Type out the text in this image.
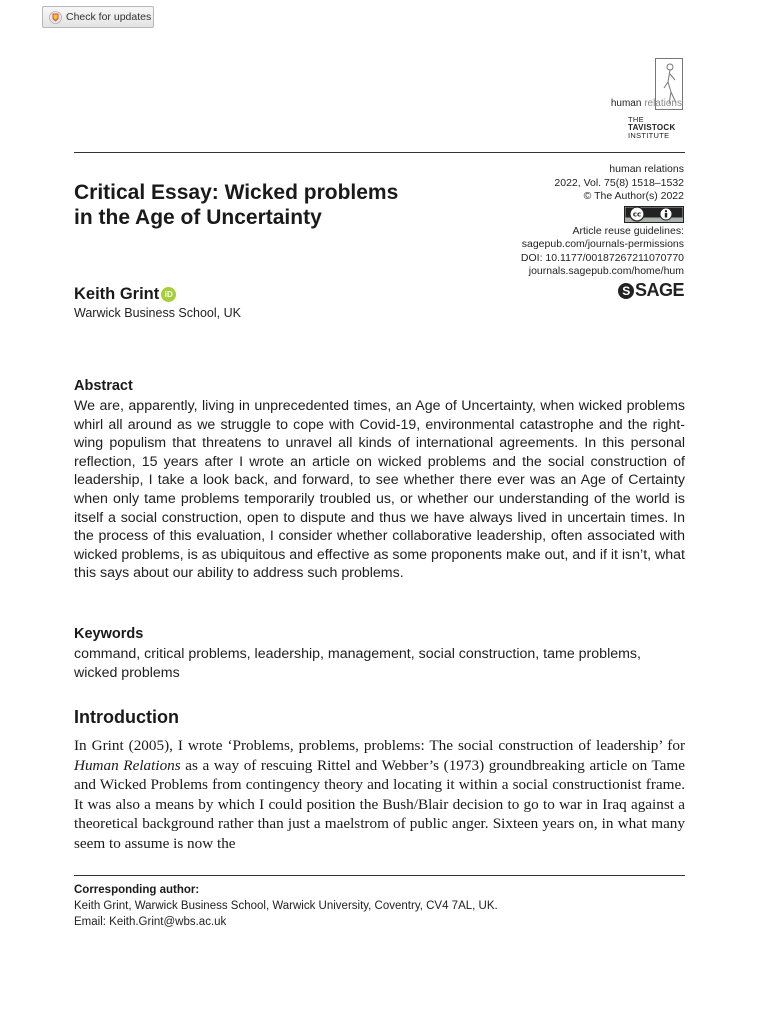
Check for updates
human relations
THE
TAVISTOCK
INSTITUTE
Critical Essay: Wicked problems
in the Age of Uncertainty
human relations
2022, Vol. 75(8) 1518–1532
© The Author(s) 2022
cc
Article reuse guidelines:
sagepub.com/journals-permissions
DOI: 10.1177/00187267211070770
journals.sagepub.com/home/hum
S SAGE
Keith Grint iD
Warwick Business School, UK
Abstract
We are, apparently, living in unprecedented times, an Age of Uncertainty, when wicked problems whirl all around as we struggle to cope with Covid-19, environmental catastrophe and the right-wing populism that threatens to unravel all kinds of international agreements. In this personal reflection, 15 years after I wrote an article on wicked problems and the social construction of leadership, I take a look back, and forward, to see whether there ever was an Age of Certainty when only tame problems temporarily troubled us, or whether our understanding of the world is itself a social construction, open to dispute and thus we have always lived in uncertain times. In the process of this evaluation, I consider whether collaborative leadership, often associated with wicked problems, is as ubiquitous and effective as some proponents make out, and if it isn’t, what this says about our ability to address such problems.
Keywords
command, critical problems, leadership, management, social construction, tame problems, wicked problems
Introduction
In Grint (2005), I wrote ‘Problems, problems, problems: The social construction of leadership’ for Human Relations as a way of rescuing Rittel and Webber’s (1973) groundbreaking article on Tame and Wicked Problems from contingency theory and locating it within a social constructionist frame. It was also a means by which I could position the Bush/Blair decision to go to war in Iraq against a theoretical background rather than just a maelstrom of public anger. Sixteen years on, in what many seem to assume is now the
Corresponding author:
Keith Grint, Warwick Business School, Warwick University, Coventry, CV4 7AL, UK.
Email: Keith.Grint@wbs.ac.uk
